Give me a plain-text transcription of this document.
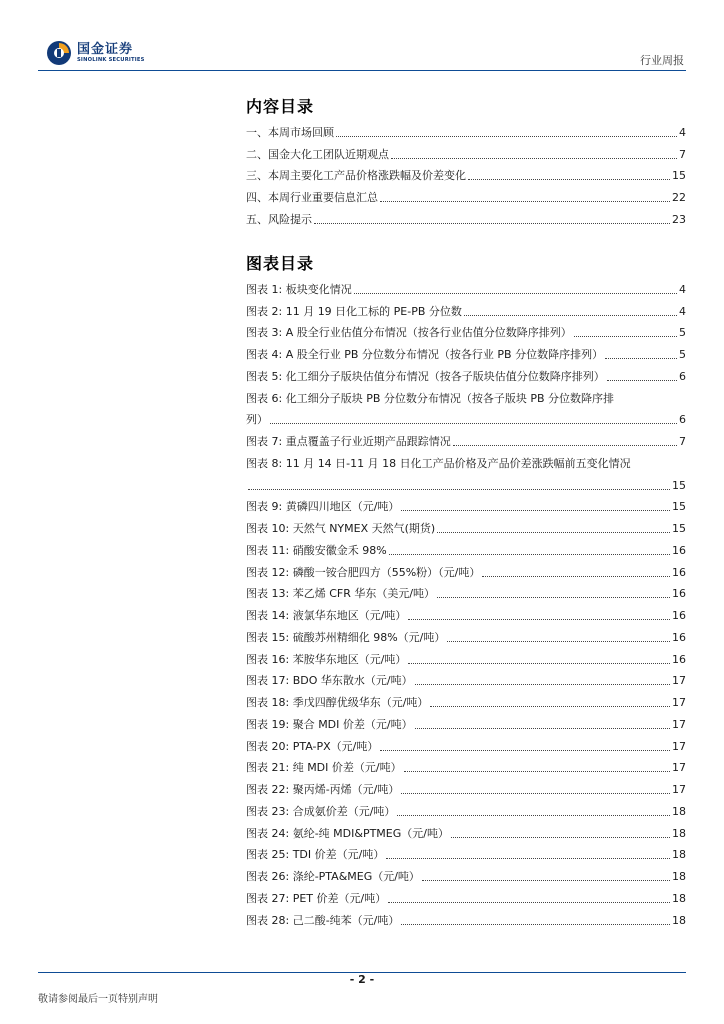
国金证券
SINOLINK SECURITIES	行业周报
内容目录
一、本周市场回顾	4
二、国金大化工团队近期观点	7
三、本周主要化工产品价格涨跌幅及价差变化	15
四、本周行业重要信息汇总	22
五、风险提示	23
图表目录
图表 1: 板块变化情况	4
图表 2: 11 月 19 日化工标的 PE-PB 分位数	4
图表 3: A 股全行业估值分布情况（按各行业估值分位数降序排列）	5
图表 4: A 股全行业 PB 分位数分布情况（按各行业 PB 分位数降序排列）	5
图表 5: 化工细分子版块估值分布情况（按各子版块估值分位数降序排列）	6
图表 6: 化工细分子版块 PB 分位数分布情况（按各子版块 PB 分位数降序排
列）	6
图表 7: 重点覆盖子行业近期产品跟踪情况	7
图表 8: 11 月 14 日-11 月 18 日化工产品价格及产品价差涨跌幅前五变化情况
15
图表 9: 黄磷四川地区（元/吨）	15
图表 10: 天然气 NYMEX 天然气(期货)	15
图表 11: 硝酸安徽金禾 98%	16
图表 12: 磷酸一铵合肥四方（55%粉）（元/吨）	16
图表 13: 苯乙烯 CFR 华东（美元/吨）	16
图表 14: 液氯华东地区（元/吨）	16
图表 15: 硫酸苏州精细化 98%（元/吨）	16
图表 16: 苯胺华东地区（元/吨）	16
图表 17: BDO 华东散水（元/吨）	17
图表 18: 季戊四醇优级华东（元/吨）	17
图表 19: 聚合 MDI 价差（元/吨）	17
图表 20: PTA-PX（元/吨）	17
图表 21: 纯 MDI 价差（元/吨）	17
图表 22: 聚丙烯-丙烯（元/吨）	17
图表 23: 合成氨价差（元/吨）	18
图表 24: 氨纶-纯 MDI&PTMEG（元/吨）	18
图表 25: TDI 价差（元/吨）	18
图表 26: 涤纶-PTA&MEG（元/吨）	18
图表 27: PET 价差（元/吨）	18
图表 28: 己二酸-纯苯（元/吨）	18
- 2 -
敬请参阅最后一页特别声明
